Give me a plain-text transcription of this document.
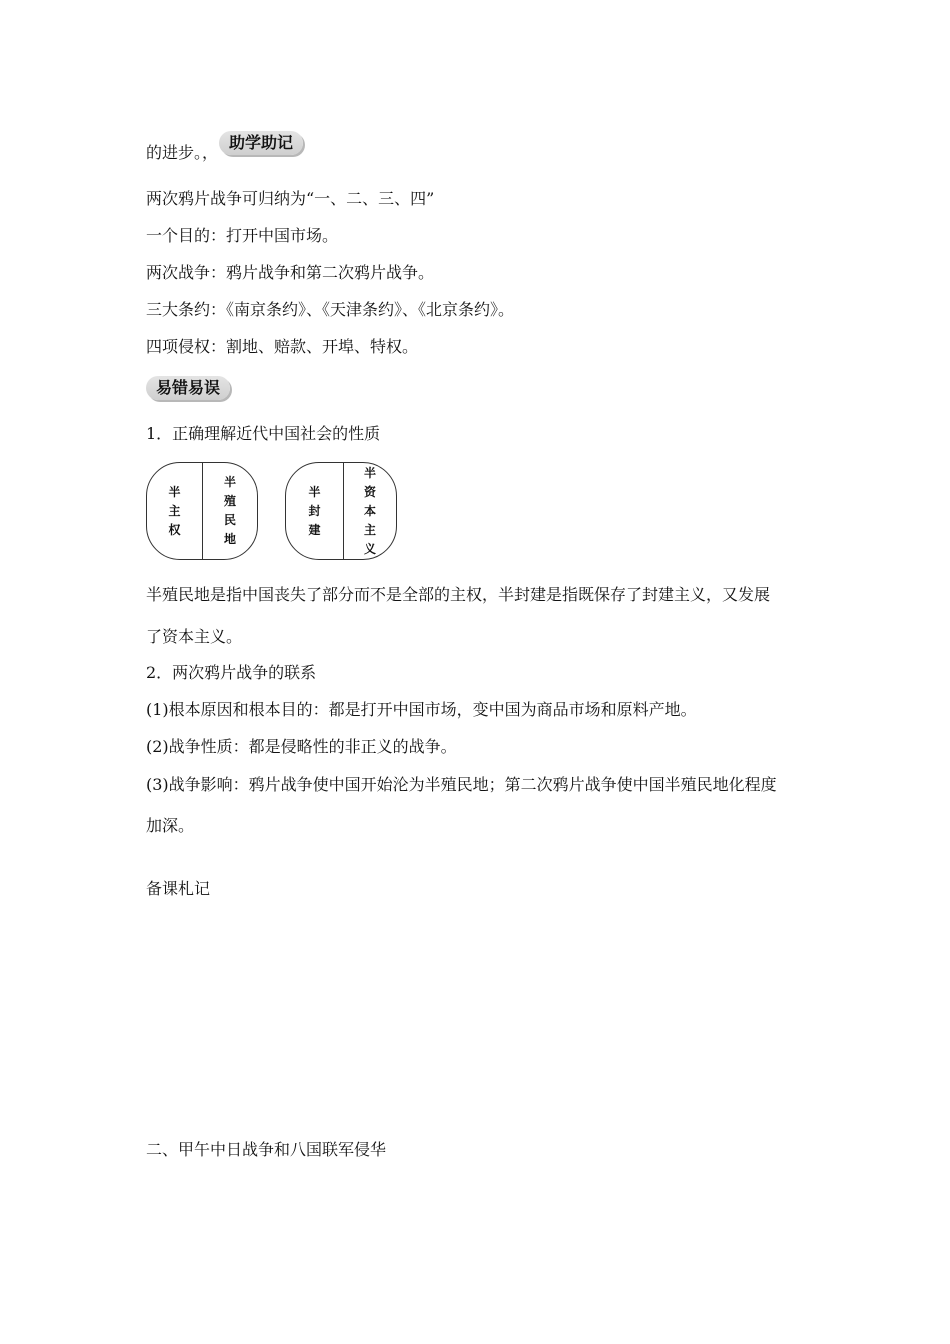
的进步。，
助学助记
两次鸦片战争可归纳为“一、二、三、四”
一个目的：打开中国市场。
两次战争：鸦片战争和第二次鸦片战争。
三大条约：《南京条约》、《天津条约》、《北京条约》。
四项侵权：割地、赔款、开埠、特权。
易错易误
1．正确理解近代中国社会的性质
半
主
权
半
殖
民
地
半
封
建
半
资
本
主
义
半殖民地是指中国丧失了部分而不是全部的主权，半封建是指既保存了封建主义，又发展
了资本主义。
2．两次鸦片战争的联系
(1)根本原因和根本目的：都是打开中国市场，变中国为商品市场和原料产地。
(2)战争性质：都是侵略性的非正义的战争。
(3)战争影响：鸦片战争使中国开始沦为半殖民地；第二次鸦片战争使中国半殖民地化程度
加深。
备课札记
二、甲午中日战争和八国联军侵华
